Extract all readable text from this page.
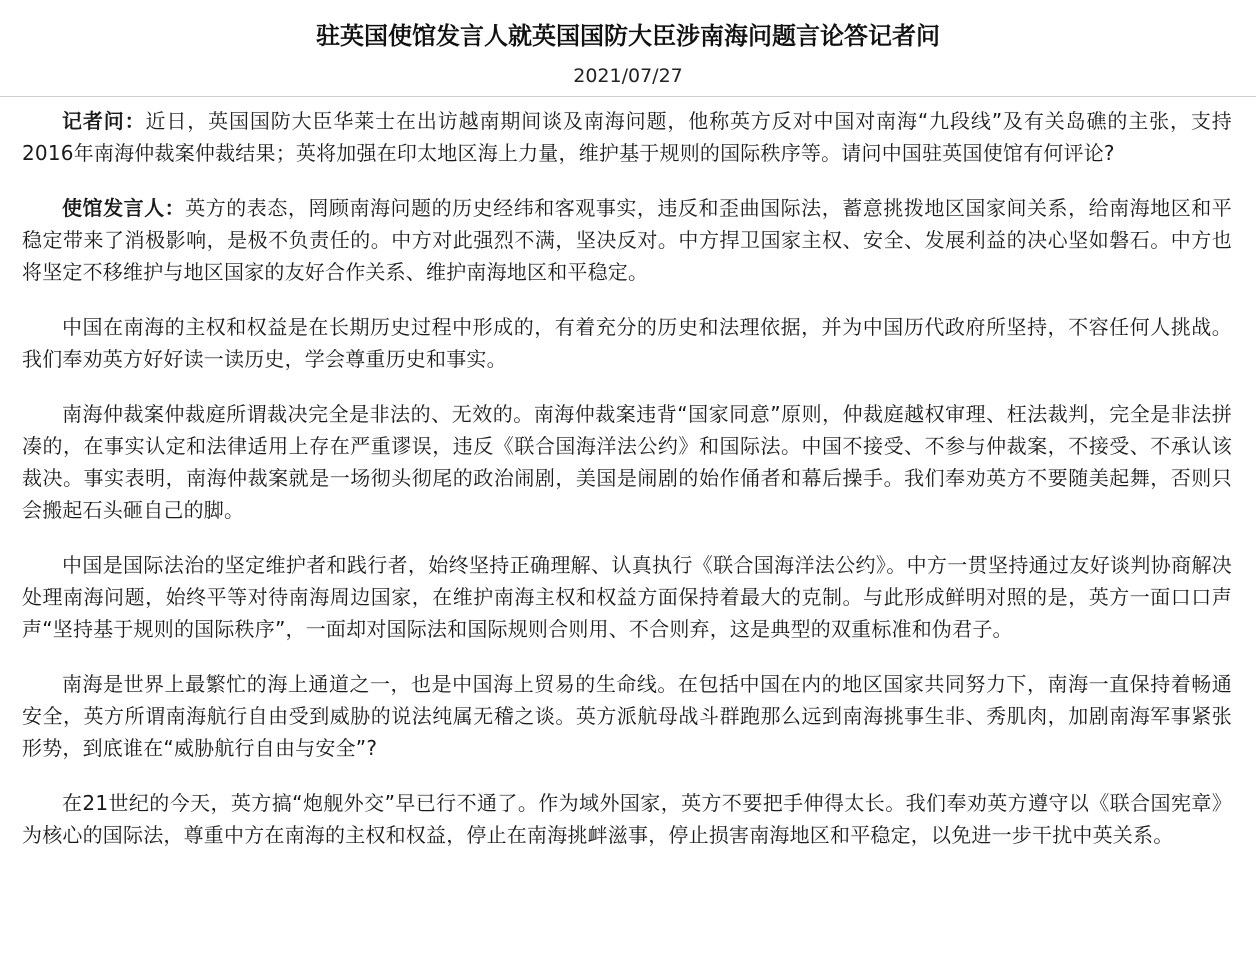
驻英国使馆发言人就英国国防大臣涉南海问题言论答记者问
2021/07/27

记者问：近日，英国国防大臣华莱士在出访越南期间谈及南海问题，他称英方反对中国对南海“九段线”及有关岛礁的主张，支持2016年南海仲裁案仲裁结果；英将加强在印太地区海上力量，维护基于规则的国际秩序等。请问中国驻英国使馆有何评论?

使馆发言人：英方的表态，罔顾南海问题的历史经纬和客观事实，违反和歪曲国际法，蓄意挑拨地区国家间关系，给南海地区和平稳定带来了消极影响，是极不负责任的。中方对此强烈不满，坚决反对。中方捍卫国家主权、安全、发展利益的决心坚如磐石。中方也将坚定不移维护与地区国家的友好合作关系、维护南海地区和平稳定。

中国在南海的主权和权益是在长期历史过程中形成的，有着充分的历史和法理依据，并为中国历代政府所坚持，不容任何人挑战。我们奉劝英方好好读一读历史，学会尊重历史和事实。

南海仲裁案仲裁庭所谓裁决完全是非法的、无效的。南海仲裁案违背“国家同意”原则，仲裁庭越权审理、枉法裁判，完全是非法拼凑的，在事实认定和法律适用上存在严重谬误，违反《联合国海洋法公约》和国际法。中国不接受、不参与仲裁案，不接受、不承认该裁决。事实表明，南海仲裁案就是一场彻头彻尾的政治闹剧，美国是闹剧的始作俑者和幕后操手。我们奉劝英方不要随美起舞，否则只会搬起石头砸自己的脚。

中国是国际法治的坚定维护者和践行者，始终坚持正确理解、认真执行《联合国海洋法公约》。中方一贯坚持通过友好谈判协商解决处理南海问题，始终平等对待南海周边国家，在维护南海主权和权益方面保持着最大的克制。与此形成鲜明对照的是，英方一面口口声声“坚持基于规则的国际秩序”，一面却对国际法和国际规则合则用、不合则弃，这是典型的双重标准和伪君子。

南海是世界上最繁忙的海上通道之一，也是中国海上贸易的生命线。在包括中国在内的地区国家共同努力下，南海一直保持着畅通安全，英方所谓南海航行自由受到威胁的说法纯属无稽之谈。英方派航母战斗群跑那么远到南海挑事生非、秀肌肉，加剧南海军事紧张形势，到底谁在“威胁航行自由与安全”?

在21世纪的今天，英方搞“炮舰外交”早已行不通了。作为域外国家，英方不要把手伸得太长。我们奉劝英方遵守以《联合国宪章》为核心的国际法，尊重中方在南海的主权和权益，停止在南海挑衅滋事，停止损害南海地区和平稳定，以免进一步干扰中英关系。
